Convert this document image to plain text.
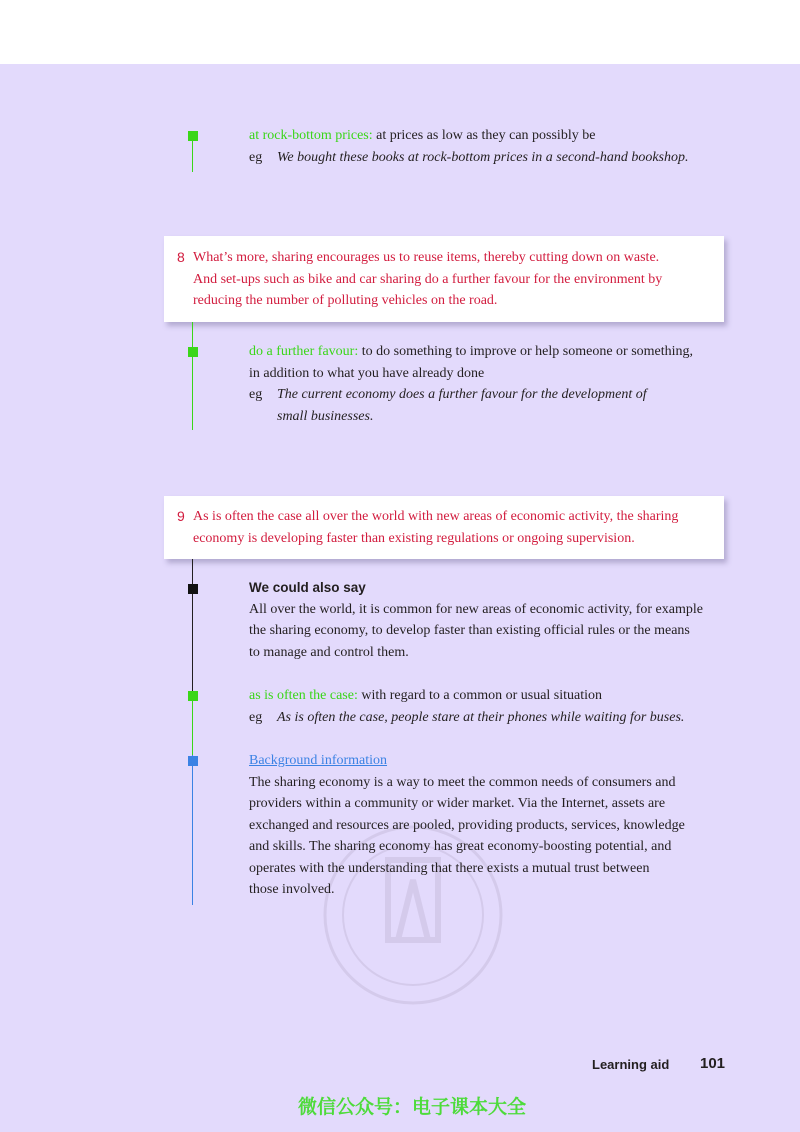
at rock-bottom prices: at prices as low as they can possibly be
eg We bought these books at rock-bottom prices in a second-hand bookshop.
8 What’s more, sharing encourages us to reuse items, thereby cutting down on waste.
And set-ups such as bike and car sharing do a further favour for the environment by
reducing the number of polluting vehicles on the road.
do a further favour: to do something to improve or help someone or something,
in addition to what you have already done
eg The current economy does a further favour for the development of
small businesses.
9 As is often the case all over the world with new areas of economic activity, the sharing
economy is developing faster than existing regulations or ongoing supervision.
We could also say
All over the world, it is common for new areas of economic activity, for example
the sharing economy, to develop faster than existing official rules or the means
to manage and control them.
as is often the case: with regard to a common or usual situation
eg As is often the case, people stare at their phones while waiting for buses.
Background information
The sharing economy is a way to meet the common needs of consumers and
providers within a community or wider market. Via the Internet, assets are
exchanged and resources are pooled, providing products, services, knowledge
and skills. The sharing economy has great economy-boosting potential, and
operates with the understanding that there exists a mutual trust between
those involved.
Learning aid 101
微信公众号：电子课本大全
